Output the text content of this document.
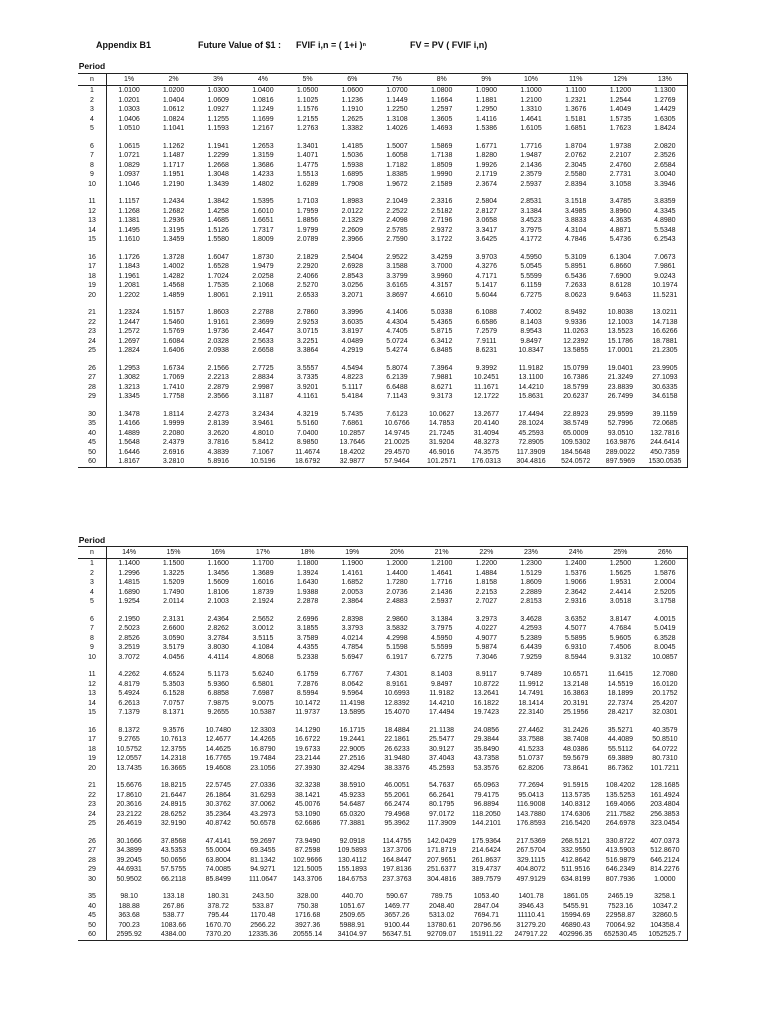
Appendix B1	Future Value of $1 : FVIF i,n = ( 1+i )ⁿ	FV = PV ( FVIF i,n)
Period
n	1%	2%	3%	4%	5%	6%	7%	8%	9%	10%	11%	12%	13%
1	1.0100	1.0200	1.0300	1.0400	1.0500	1.0600	1.0700	1.0800	1.0900	1.1000	1.1100	1.1200	1.1300
2	1.0201	1.0404	1.0609	1.0816	1.1025	1.1236	1.1449	1.1664	1.1881	1.2100	1.2321	1.2544	1.2769
3	1.0303	1.0612	1.0927	1.1249	1.1576	1.1910	1.2250	1.2597	1.2950	1.3310	1.3676	1.4049	1.4429
4	1.0406	1.0824	1.1255	1.1699	1.2155	1.2625	1.3108	1.3605	1.4116	1.4641	1.5181	1.5735	1.6305
5	1.0510	1.1041	1.1593	1.2167	1.2763	1.3382	1.4026	1.4693	1.5386	1.6105	1.6851	1.7623	1.8424

6	1.0615	1.1262	1.1941	1.2653	1.3401	1.4185	1.5007	1.5869	1.6771	1.7716	1.8704	1.9738	2.0820
7	1.0721	1.1487	1.2299	1.3159	1.4071	1.5036	1.6058	1.7138	1.8280	1.9487	2.0762	2.2107	2.3526
8	1.0829	1.1717	1.2668	1.3686	1.4775	1.5938	1.7182	1.8509	1.9926	2.1436	2.3045	2.4760	2.6584
9	1.0937	1.1951	1.3048	1.4233	1.5513	1.6895	1.8385	1.9990	2.1719	2.3579	2.5580	2.7731	3.0040
10	1.1046	1.2190	1.3439	1.4802	1.6289	1.7908	1.9672	2.1589	2.3674	2.5937	2.8394	3.1058	3.3946

11	1.1157	1.2434	1.3842	1.5395	1.7103	1.8983	2.1049	2.3316	2.5804	2.8531	3.1518	3.4785	3.8359
12	1.1268	1.2682	1.4258	1.6010	1.7959	2.0122	2.2522	2.5182	2.8127	3.1384	3.4985	3.8960	4.3345
13	1.1381	1.2936	1.4685	1.6651	1.8856	2.1329	2.4098	2.7196	3.0658	3.4523	3.8833	4.3635	4.8980
14	1.1495	1.3195	1.5126	1.7317	1.9799	2.2609	2.5785	2.9372	3.3417	3.7975	4.3104	4.8871	5.5348
15	1.1610	1.3459	1.5580	1.8009	2.0789	2.3966	2.7590	3.1722	3.6425	4.1772	4.7846	5.4736	6.2543

16	1.1726	1.3728	1.6047	1.8730	2.1829	2.5404	2.9522	3.4259	3.9703	4.5950	5.3109	6.1304	7.0673
17	1.1843	1.4002	1.6528	1.9479	2.2920	2.6928	3.1588	3.7000	4.3276	5.0545	5.8951	6.8660	7.9861
18	1.1961	1.4282	1.7024	2.0258	2.4066	2.8543	3.3799	3.9960	4.7171	5.5599	6.5436	7.6900	9.0243
19	1.2081	1.4568	1.7535	2.1068	2.5270	3.0256	3.6165	4.3157	5.1417	6.1159	7.2633	8.6128	10.1974
20	1.2202	1.4859	1.8061	2.1911	2.6533	3.2071	3.8697	4.6610	5.6044	6.7275	8.0623	9.6463	11.5231

21	1.2324	1.5157	1.8603	2.2788	2.7860	3.3996	4.1406	5.0338	6.1088	7.4002	8.9492	10.8038	13.0211
22	1.2447	1.5460	1.9161	2.3699	2.9253	3.6035	4.4304	5.4365	6.6586	8.1403	9.9336	12.1003	14.7138
23	1.2572	1.5769	1.9736	2.4647	3.0715	3.8197	4.7405	5.8715	7.2579	8.9543	11.0263	13.5523	16.6266
24	1.2697	1.6084	2.0328	2.5633	3.2251	4.0489	5.0724	6.3412	7.9111	9.8497	12.2392	15.1786	18.7881
25	1.2824	1.6406	2.0938	2.6658	3.3864	4.2919	5.4274	6.8485	8.6231	10.8347	13.5855	17.0001	21.2305

26	1.2953	1.6734	2.1566	2.7725	3.5557	4.5494	5.8074	7.3964	9.3992	11.9182	15.0799	19.0401	23.9905
27	1.3082	1.7069	2.2213	2.8834	3.7335	4.8223	6.2139	7.9881	10.2451	13.1100	16.7386	21.3249	27.1093
28	1.3213	1.7410	2.2879	2.9987	3.9201	5.1117	6.6488	8.6271	11.1671	14.4210	18.5799	23.8839	30.6335
29	1.3345	1.7758	2.3566	3.1187	4.1161	5.4184	7.1143	9.3173	12.1722	15.8631	20.6237	26.7499	34.6158

30	1.3478	1.8114	2.4273	3.2434	4.3219	5.7435	7.6123	10.0627	13.2677	17.4494	22.8923	29.9599	39.1159
35	1.4166	1.9999	2.8139	3.9461	5.5160	7.6861	10.6766	14.7853	20.4140	28.1024	38.5749	52.7996	72.0685
40	1.4889	2.2080	3.2620	4.8010	7.0400	10.2857	14.9745	21.7245	31.4094	45.2593	65.0009	93.0510	132.7816
45	1.5648	2.4379	3.7816	5.8412	8.9850	13.7646	21.0025	31.9204	48.3273	72.8905	109.5302	163.9876	244.6414
50	1.6446	2.6916	4.3839	7.1067	11.4674	18.4202	29.4570	46.9016	74.3575	117.3909	184.5648	289.0022	450.7359
60	1.8167	3.2810	5.8916	10.5196	18.6792	32.9877	57.9464	101.2571	176.0313	304.4816	524.0572	897.5969	1530.0535
Period
n	14%	15%	16%	17%	18%	19%	20%	21%	22%	23%	24%	25%	26%
1	1.1400	1.1500	1.1600	1.1700	1.1800	1.1900	1.2000	1.2100	1.2200	1.2300	1.2400	1.2500	1.2600
2	1.2996	1.3225	1.3456	1.3689	1.3924	1.4161	1.4400	1.4641	1.4884	1.5129	1.5376	1.5625	1.5876
3	1.4815	1.5209	1.5609	1.6016	1.6430	1.6852	1.7280	1.7716	1.8158	1.8609	1.9066	1.9531	2.0004
4	1.6890	1.7490	1.8106	1.8739	1.9388	2.0053	2.0736	2.1436	2.2153	2.2889	2.3642	2.4414	2.5205
5	1.9254	2.0114	2.1003	2.1924	2.2878	2.3864	2.4883	2.5937	2.7027	2.8153	2.9316	3.0518	3.1758

6	2.1950	2.3131	2.4364	2.5652	2.6996	2.8398	2.9860	3.1384	3.2973	3.4628	3.6352	3.8147	4.0015
7	2.5023	2.6600	2.8262	3.0012	3.1855	3.3793	3.5832	3.7975	4.0227	4.2593	4.5077	4.7684	5.0419
8	2.8526	3.0590	3.2784	3.5115	3.7589	4.0214	4.2998	4.5950	4.9077	5.2389	5.5895	5.9605	6.3528
9	3.2519	3.5179	3.8030	4.1084	4.4355	4.7854	5.1598	5.5599	5.9874	6.4439	6.9310	7.4506	8.0045
10	3.7072	4.0456	4.4114	4.8068	5.2338	5.6947	6.1917	6.7275	7.3046	7.9259	8.5944	9.3132	10.0857

11	4.2262	4.6524	5.1173	5.6240	6.1759	6.7767	7.4301	8.1403	8.9117	9.7489	10.6571	11.6415	12.7080
12	4.8179	5.3503	5.9360	6.5801	7.2876	8.0642	8.9161	9.8497	10.8722	11.9912	13.2148	14.5519	16.0120
13	5.4924	6.1528	6.8858	7.6987	8.5994	9.5964	10.6993	11.9182	13.2641	14.7491	16.3863	18.1899	20.1752
14	6.2613	7.0757	7.9875	9.0075	10.1472	11.4198	12.8392	14.4210	16.1822	18.1414	20.3191	22.7374	25.4207
15	7.1379	8.1371	9.2655	10.5387	11.9737	13.5895	15.4070	17.4494	19.7423	22.3140	25.1956	28.4217	32.0301

16	8.1372	9.3576	10.7480	12.3303	14.1290	16.1715	18.4884	21.1138	24.0856	27.4462	31.2426	35.5271	40.3579
17	9.2765	10.7613	12.4677	14.4265	16.6722	19.2441	22.1861	25.5477	29.3844	33.7588	38.7408	44.4089	50.8510
18	10.5752	12.3755	14.4625	16.8790	19.6733	22.9005	26.6233	30.9127	35.8490	41.5233	48.0386	55.5112	64.0722
19	12.0557	14.2318	16.7765	19.7484	23.2144	27.2516	31.9480	37.4043	43.7358	51.0737	59.5679	69.3889	80.7310
20	13.7435	16.3665	19.4608	23.1056	27.3930	32.4294	38.3376	45.2593	53.3576	62.8206	73.8641	86.7362	101.7211

21	15.6676	18.8215	22.5745	27.0336	32.3238	38.5910	46.0051	54.7637	65.0963	77.2694	91.5915	108.4202	128.1685
22	17.8610	21.6447	26.1864	31.6293	38.1421	45.9233	55.2061	66.2641	79.4175	95.0413	113.5735	135.5253	161.4924
23	20.3616	24.8915	30.3762	37.0062	45.0076	54.6487	66.2474	80.1795	96.8894	116.9008	140.8312	169.4066	203.4804
24	23.2122	28.6252	35.2364	43.2973	53.1090	65.0320	79.4968	97.0172	118.2050	143.7880	174.6306	211.7582	256.3853
25	26.4619	32.9190	40.8742	50.6578	62.6686	77.3881	95.3962	117.3909	144.2101	176.8593	216.5420	264.6978	323.0454

26	30.1666	37.8568	47.4141	59.2697	73.9490	92.0918	114.4755	142.0429	175.9364	217.5369	268.5121	330.8722	407.0373
27	34.3899	43.5353	55.0004	69.3455	87.2598	109.5893	137.3706	171.8719	214.6424	267.5704	332.9550	413.5903	512.8670
28	39.2045	50.0656	63.8004	81.1342	102.9666	130.4112	164.8447	207.9651	261.8637	329.1115	412.8642	516.9879	646.2124
29	44.6931	57.5755	74.0085	94.9271	121.5005	155.1893	197.8136	251.6377	319.4737	404.8072	511.9516	646.2349	814.2276
30	50.9502	66.2118	85.8499	111.0647	143.3706	184.6753	237.3763	304.4816	389.7579	497.9129	634.8199	807.7936	1.0000

35	98.10	133.18	180.31	243.50	328.00	440.70	590.67	789.75	1053.40	1401.78	1861.05	2465.19	3258.1
40	188.88	267.86	378.72	533.87	750.38	1051.67	1469.77	2048.40	2847.04	3946.43	5455.91	7523.16	10347.2
45	363.68	538.77	795.44	1170.48	1716.68	2509.65	3657.26	5313.02	7694.71	11110.41	15994.69	22958.87	32860.5
50	700.23	1083.66	1670.70	2566.22	3927.36	5988.91	9100.44	13780.61	20796.56	31279.20	46890.43	70064.92	104358.4
60	2595.92	4384.00	7370.20	12335.36	20555.14	34104.97	56347.51	92709.07	151911.22	247917.22	402996.35	652530.45	1052525.7
